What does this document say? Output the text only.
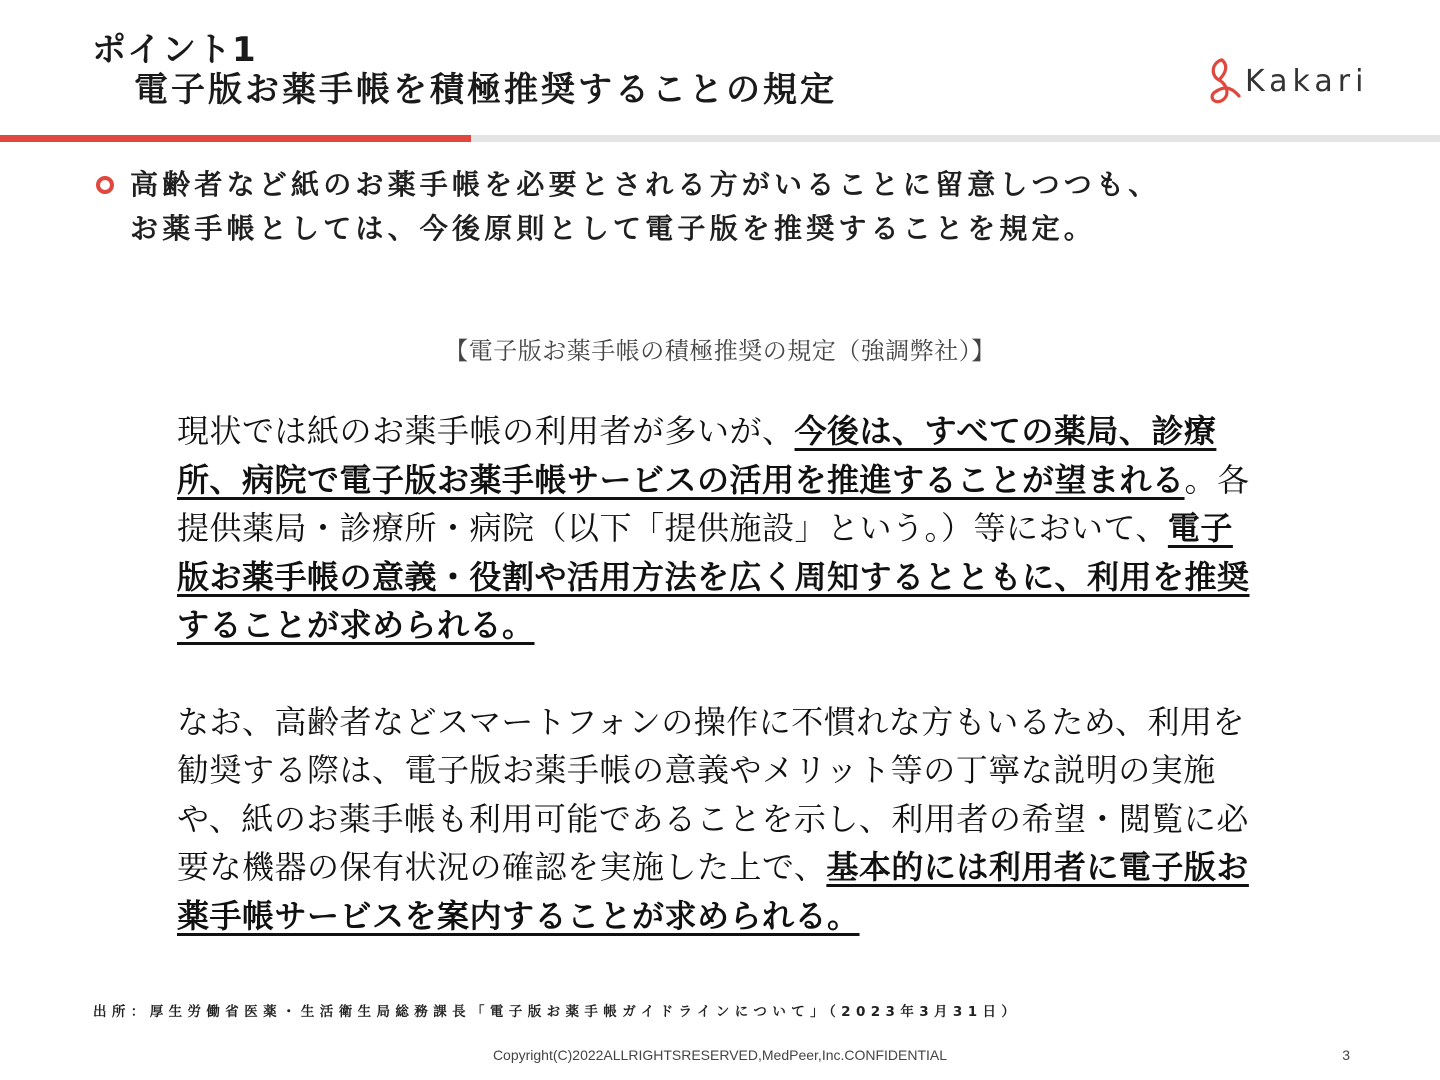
ポイント1
電子版お薬手帳を積極推奨することの規定	Kakari
高齢者など紙のお薬手帳を必要とされる方がいることに留意しつつも、
お薬手帳としては、今後原則として電子版を推奨することを規定。
【電子版お薬手帳の積極推奨の規定（強調弊社）】

現状では紙のお薬手帳の利用者が多いが、今後は、すべての薬局、診療所、病院で電子版お薬手帳サービスの活用を推進することが望まれる。各提供薬局・診療所・病院（以下「提供施設」という。）等において、電子版お薬手帳の意義・役割や活用方法を広く周知するとともに、利用を推奨することが求められる。

なお、高齢者などスマートフォンの操作に不慣れな方もいるため、利用を勧奨する際は、電子版お薬手帳の意義やメリット等の丁寧な説明の実施や、紙のお薬手帳も利用可能であることを示し、利用者の希望・閲覧に必要な機器の保有状況の確認を実施した上で、基本的には利用者に電子版お薬手帳サービスを案内することが求められる。

出所：厚生労働省医薬・生活衛生局総務課長「電子版お薬手帳ガイドラインについて」（2023年3月31日）
Copyright(C)2022ALLRIGHTSRESERVED,MedPeer,Inc.CONFIDENTIAL	3
